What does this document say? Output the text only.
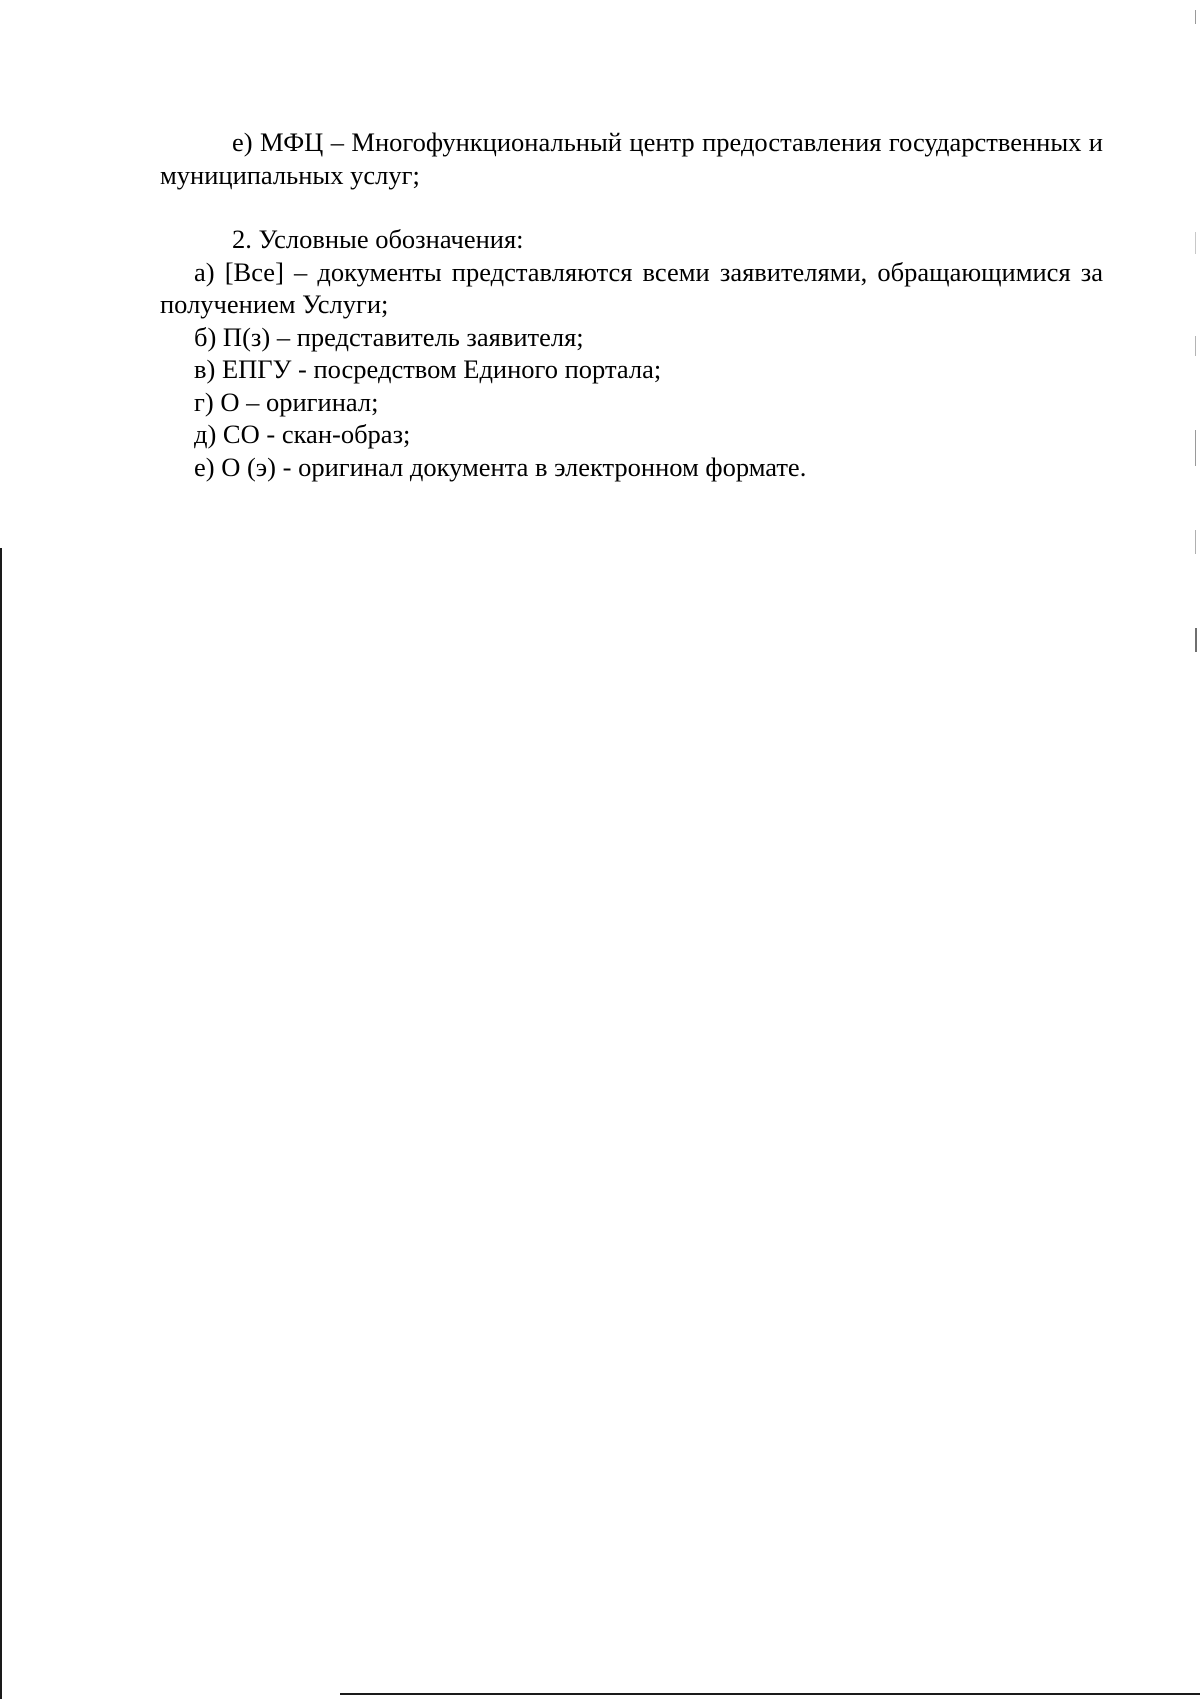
е) МФЦ – Многофункциональный центр предоставления государственных и муниципальных услуг;

2. Условные обозначения:

а) [Все] – документы представляются всеми заявителями, обращающимися за получением Услуги;

б) П(з) – представитель заявителя;

в) ЕПГУ - посредством Единого портала;

г) О – оригинал;

д) СО - скан-образ;

е) О (э) - оригинал документа в электронном формате.
